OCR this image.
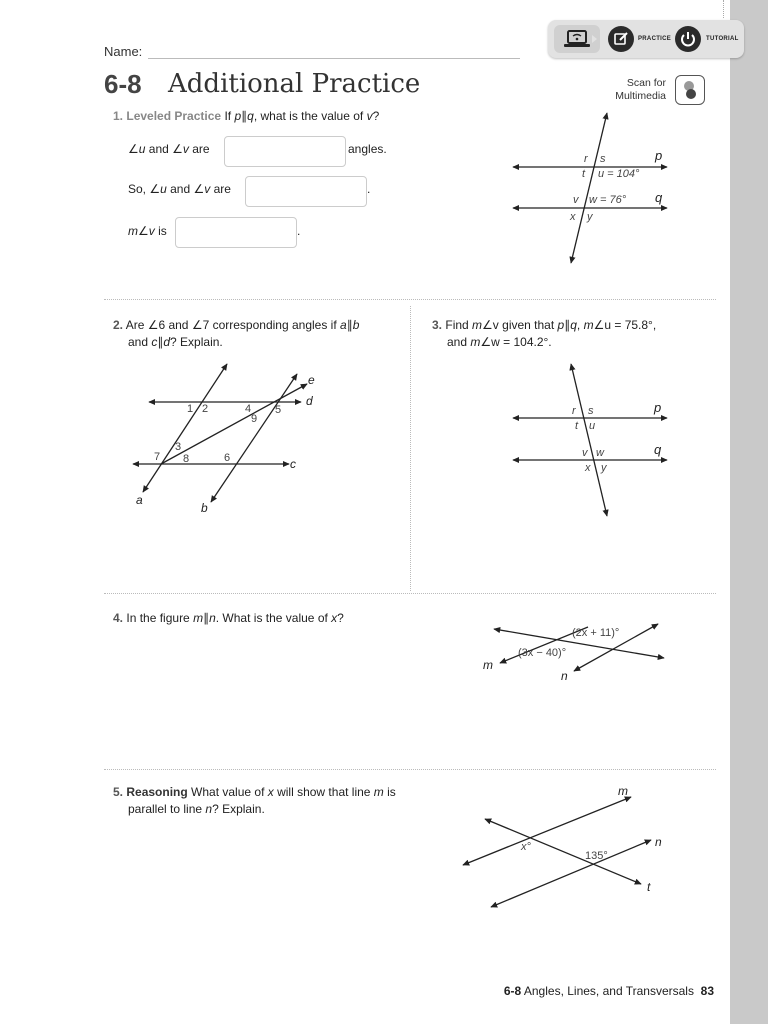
PRACTICE	TUTORIAL
Name:
6-8 Additional Practice	Scan for
Multimedia
1. Leveled Practice If p∥q, what is the value of v?
∠u and ∠v are	angles.
So, ∠u and ∠v are	.
m∠v is	.
r s
t u = 104°
v w = 76°
x y
p
q
2. Are ∠6 and ∠7 corresponding angles if a∥b
and c∥d? Explain.
1 2	4 5
9
3
7 8	6
a
b
c
d
e
3. Find m∠v given that p∥q, m∠u = 75.8°,
and m∠w = 104.2°.
r s
t u
v w
x y
p
q
4. In the figure m∥n. What is the value of x?
(2x + 11)°
(3x − 40)°
m
n
5. Reasoning What value of x will show that line m is
parallel to line n? Explain.
x°
135°
m
n
t
6-8 Angles, Lines, and Transversals 83
